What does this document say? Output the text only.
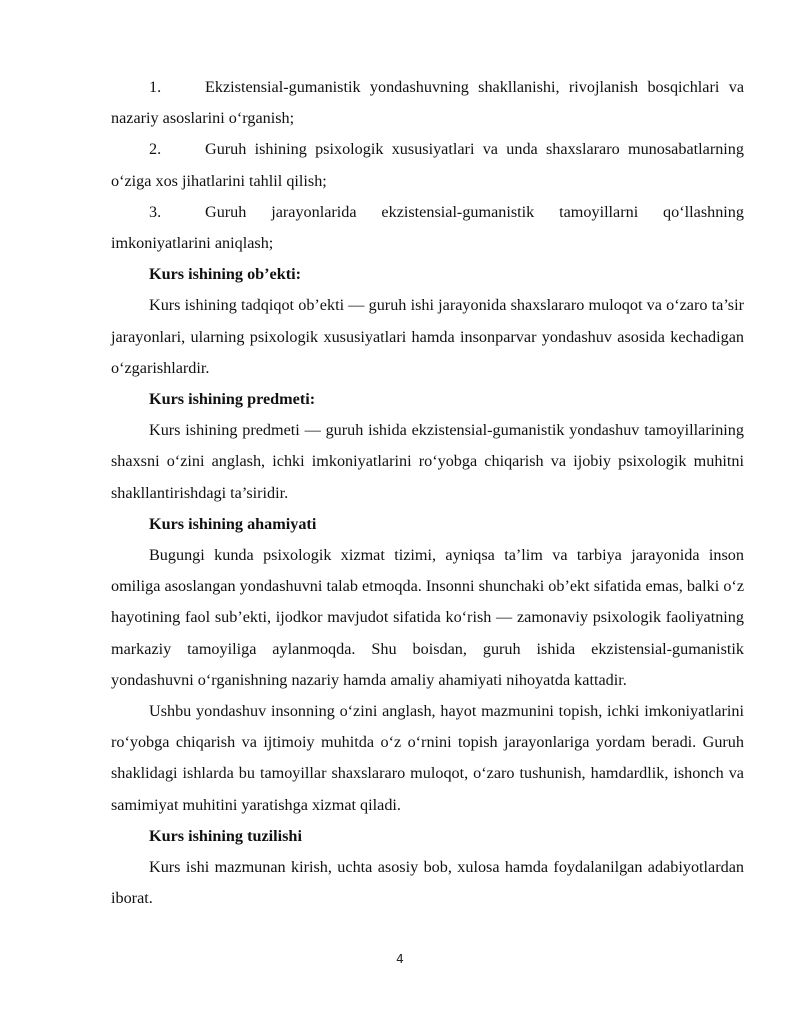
1.	Ekzistensial-gumanistik yondashuvning shakllanishi, rivojlanish bosqichlari va nazariy asoslarini o‘rganish;

2.	Guruh ishining psixologik xususiyatlari va unda shaxslararo munosabatlarning o‘ziga xos jihatlarini tahlil qilish;

3.	Guruh jarayonlarida ekzistensial-gumanistik tamoyillarni qo‘llashning imkoniyatlarini aniqlash;

Kurs ishining ob’ekti:

Kurs ishining tadqiqot ob’ekti — guruh ishi jarayonida shaxslararo muloqot va o‘zaro ta’sir jarayonlari, ularning psixologik xususiyatlari hamda insonparvar yondashuv asosida kechadigan o‘zgarishlardir.

Kurs ishining predmeti:

Kurs ishining predmeti — guruh ishida ekzistensial-gumanistik yondashuv tamoyillarining shaxsni o‘zini anglash, ichki imkoniyatlarini ro‘yobga chiqarish va ijobiy psixologik muhitni shakllantirishdagi ta’siridir.

Kurs ishining ahamiyati

Bugungi kunda psixologik xizmat tizimi, ayniqsa ta’lim va tarbiya jarayonida inson omiliga asoslangan yondashuvni talab etmoqda. Insonni shunchaki ob’ekt sifatida emas, balki o‘z hayotining faol sub’ekti, ijodkor mavjudot sifatida ko‘rish — zamonaviy psixologik faoliyatning markaziy tamoyiliga aylanmoqda. Shu boisdan, guruh ishida ekzistensial-gumanistik yondashuvni o‘rganishning nazariy hamda amaliy ahamiyati nihoyatda kattadir.

Ushbu yondashuv insonning o‘zini anglash, hayot mazmunini topish, ichki imkoniyatlarini ro‘yobga chiqarish va ijtimoiy muhitda o‘z o‘rnini topish jarayonlariga yordam beradi. Guruh shaklidagi ishlarda bu tamoyillar shaxslararo muloqot, o‘zaro tushunish, hamdardlik, ishonch va samimiyat muhitini yaratishga xizmat qiladi.

Kurs ishining tuzilishi

Kurs ishi mazmunan kirish, uchta asosiy bob, xulosa hamda foydalanilgan adabiyotlardan iborat.

4
